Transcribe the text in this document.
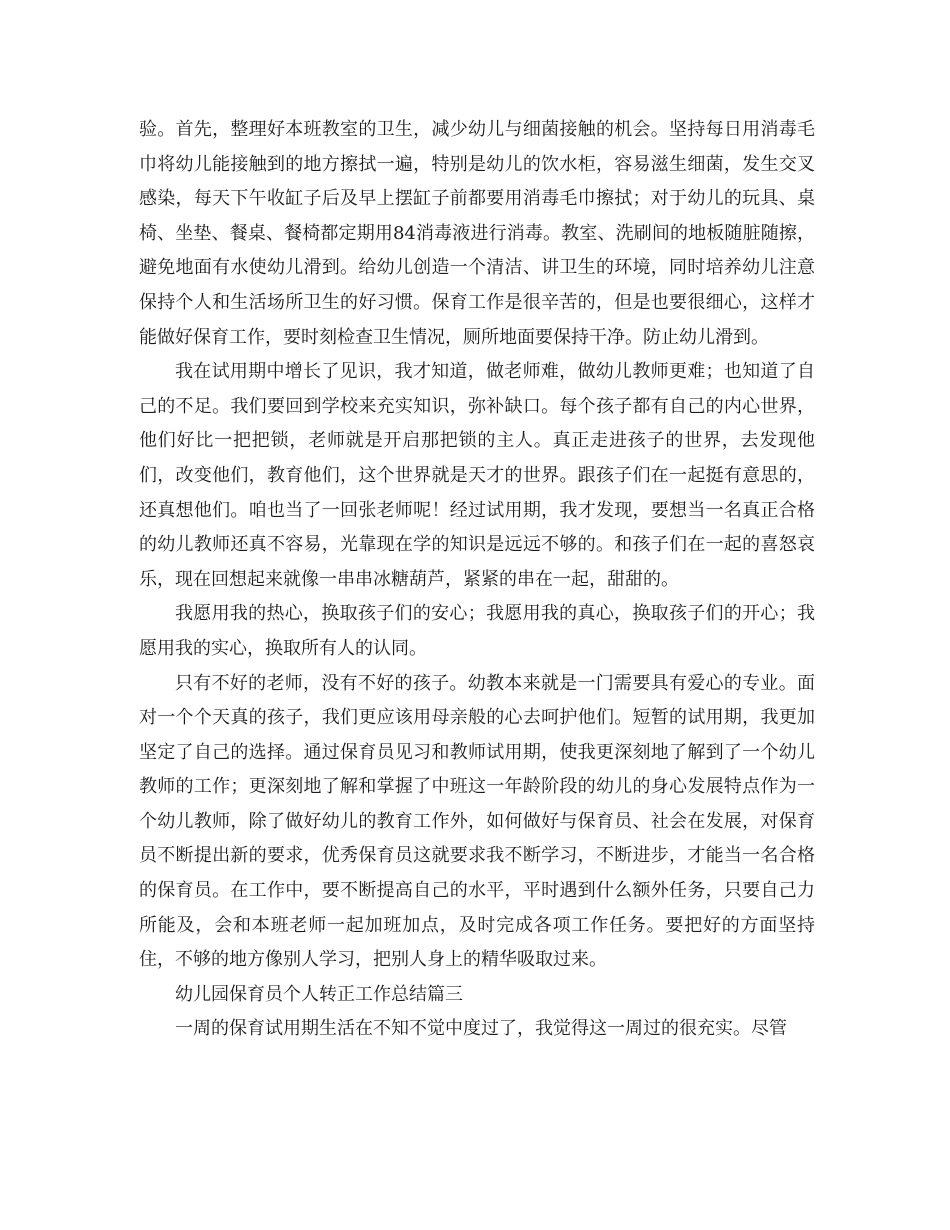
验。首先，整理好本班教室的卫生，减少幼儿与细菌接触的机会。坚持每日用消毒毛巾将幼儿能接触到的地方擦拭一遍，特别是幼儿的饮水柜，容易滋生细菌，发生交叉感染，每天下午收缸子后及早上摆缸子前都要用消毒毛巾擦拭；对于幼儿的玩具、桌椅、坐垫、餐桌、餐椅都定期用84消毒液进行消毒。教室、洗刷间的地板随脏随擦，避免地面有水使幼儿滑到。给幼儿创造一个清洁、讲卫生的环境，同时培养幼儿注意保持个人和生活场所卫生的好习惯。保育工作是很辛苦的，但是也要很细心，这样才能做好保育工作，要时刻检查卫生情况，厕所地面要保持干净。防止幼儿滑到。

我在试用期中增长了见识，我才知道，做老师难，做幼儿教师更难；也知道了自己的不足。我们要回到学校来充实知识，弥补缺口。每个孩子都有自己的内心世界，他们好比一把把锁，老师就是开启那把锁的主人。真正走进孩子的世界，去发现他们，改变他们，教育他们，这个世界就是天才的世界。跟孩子们在一起挺有意思的，还真想他们。咱也当了一回张老师呢！经过试用期，我才发现，要想当一名真正合格的幼儿教师还真不容易，光靠现在学的知识是远远不够的。和孩子们在一起的喜怒哀乐，现在回想起来就像一串串冰糖葫芦，紧紧的串在一起，甜甜的。

我愿用我的热心，换取孩子们的安心；我愿用我的真心，换取孩子们的开心；我愿用我的实心，换取所有人的认同。

只有不好的老师，没有不好的孩子。幼教本来就是一门需要具有爱心的专业。面对一个个天真的孩子，我们更应该用母亲般的心去呵护他们。短暂的试用期，我更加坚定了自己的选择。通过保育员见习和教师试用期，使我更深刻地了解到了一个幼儿教师的工作；更深刻地了解和掌握了中班这一年龄阶段的幼儿的身心发展特点作为一个幼儿教师，除了做好幼儿的教育工作外，如何做好与保育员、社会在发展，对保育员不断提出新的要求，优秀保育员这就要求我不断学习，不断进步，才能当一名合格的保育员。在工作中，要不断提高自己的水平，平时遇到什么额外任务，只要自己力所能及，会和本班老师一起加班加点，及时完成各项工作任务。要把好的方面坚持住，不够的地方像别人学习，把别人身上的精华吸取过来。

幼儿园保育员个人转正工作总结篇三

一周的保育试用期生活在不知不觉中度过了，我觉得这一周过的很充实。尽管
